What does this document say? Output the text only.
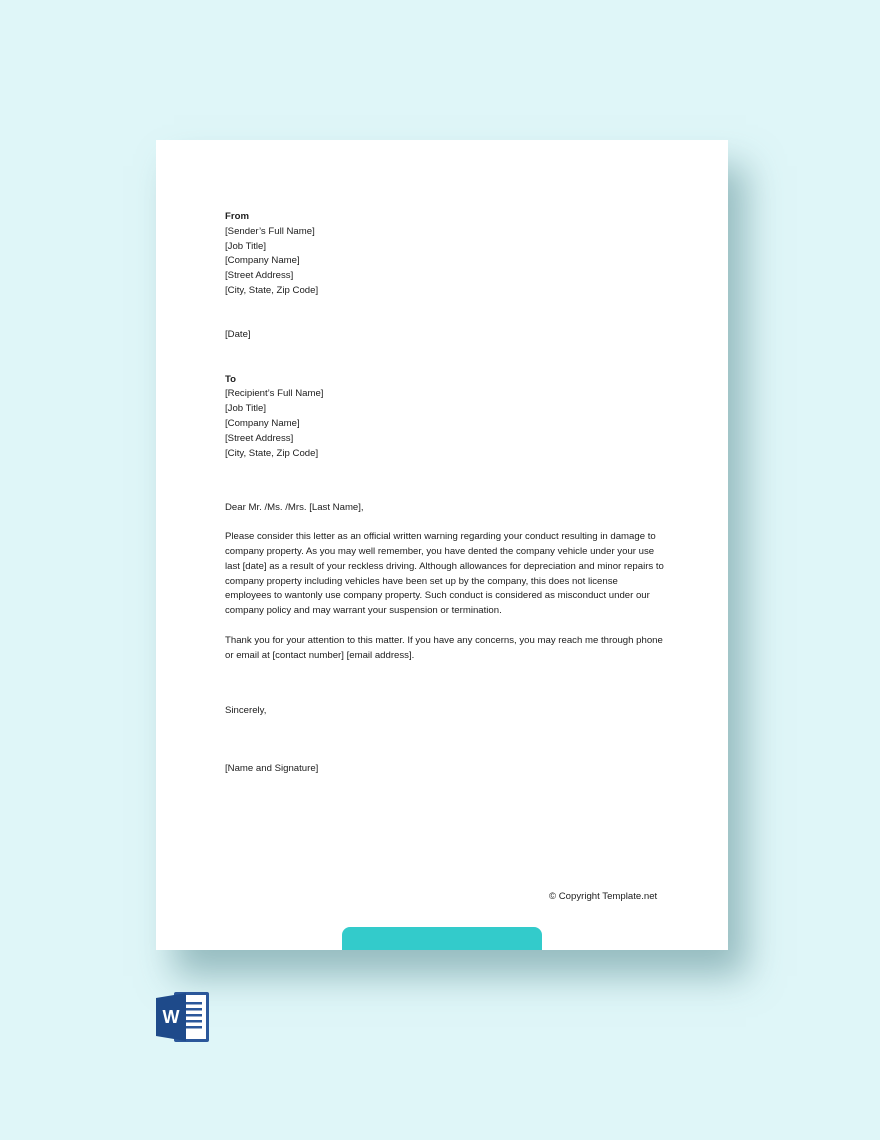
From
[Sender’s Full Name]
[Job Title]
[Company Name]
[Street Address]
[City, State, Zip Code]
[Date]
To
[Recipient’s Full Name]
[Job Title]
[Company Name]
[Street Address]
[City, State, Zip Code]
Dear Mr. /Ms. /Mrs. [Last Name],

Please consider this letter as an official written warning regarding your conduct resulting in damage to company property. As you may well remember, you have dented the company vehicle under your use last [date] as a result of your reckless driving. Although allowances for depreciation and minor repairs to company property including vehicles have been set up by the company, this does not license employees to wantonly use company property. Such conduct is considered as misconduct under our company policy and may warrant your suspension or termination.

Thank you for your attention to this matter. If you have any concerns, you may reach me through phone or email at [contact number] [email address].

Sincerely,
[Name and Signature]
© Copyright Template.net
W
